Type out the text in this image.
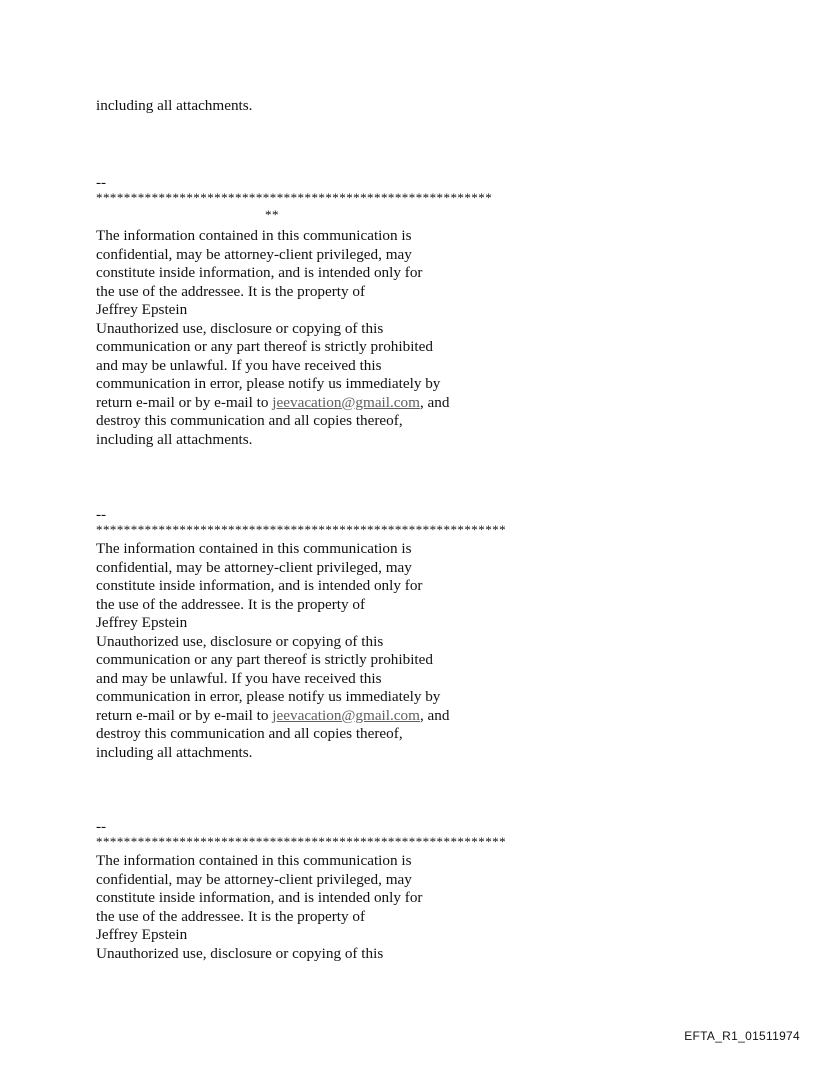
including all attachments.
--
*********************************************************
**
The information contained in this communication is
confidential, may be attorney-client privileged, may
constitute inside information, and is intended only for
the use of the addressee. It is the property of
Jeffrey Epstein
Unauthorized use, disclosure or copying of this
communication or any part thereof is strictly prohibited
and may be unlawful. If you have received this
communication in error, please notify us immediately by
return e-mail or by e-mail to jeevacation@gmail.com, and
destroy this communication and all copies thereof,
including all attachments.
--
***********************************************************
The information contained in this communication is
confidential, may be attorney-client privileged, may
constitute inside information, and is intended only for
the use of the addressee. It is the property of
Jeffrey Epstein
Unauthorized use, disclosure or copying of this
communication or any part thereof is strictly prohibited
and may be unlawful. If you have received this
communication in error, please notify us immediately by
return e-mail or by e-mail to jeevacation@gmail.com, and
destroy this communication and all copies thereof,
including all attachments.
--
***********************************************************
The information contained in this communication is
confidential, may be attorney-client privileged, may
constitute inside information, and is intended only for
the use of the addressee. It is the property of
Jeffrey Epstein
Unauthorized use, disclosure or copying of this
EFTA_R1_01511974
